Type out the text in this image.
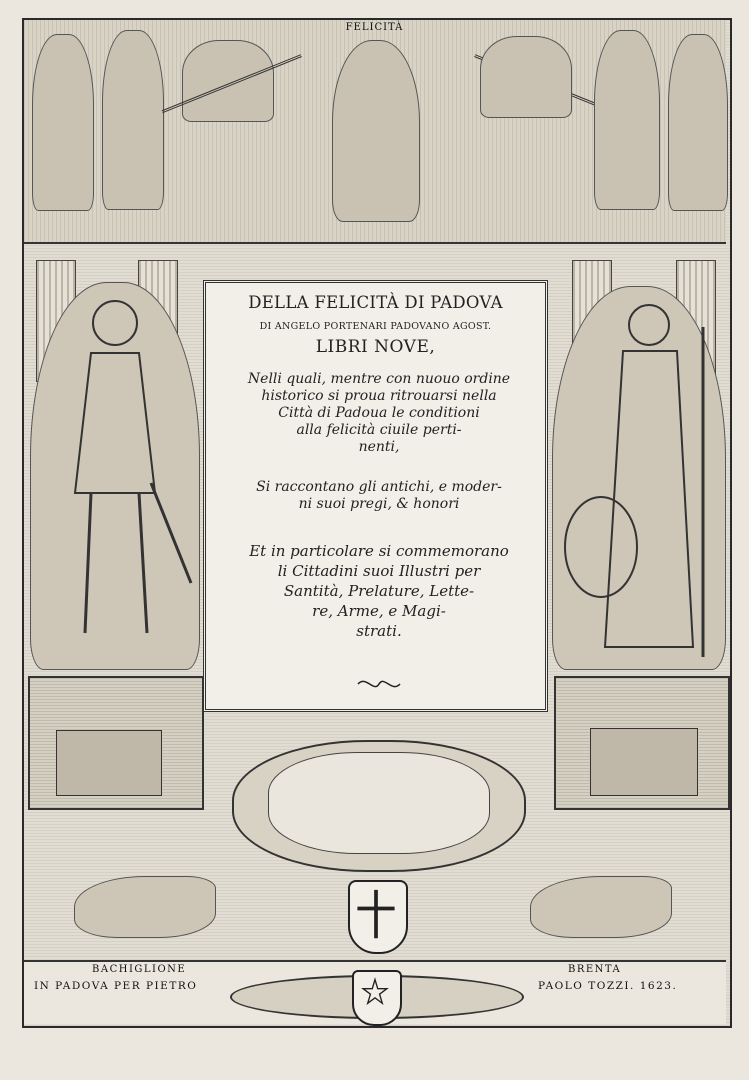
FELICITÀ
DELLA FELICITÀ DI PADOVA
DI ANGELO PORTENARI PADOVANO AGOST.
LIBRI NOVE,
Nelli quali, mentre con nuouo ordine
historico si proua ritrouarsi nella
Città di Padoua le conditioni
alla felicità ciuile perti-
nenti,
Si raccontano gli antichi, e moder-
ni suoi pregi, & honori
Et in particolare si commemorano
li Cittadini suoi Illustri per
Santità, Prelature, Lette-
re, Arme, e Magi-
strati.
BACHIGLIONE	BRENTA
IN PADOVA PER PIETRO	PAOLO TOZZI. 1623.
